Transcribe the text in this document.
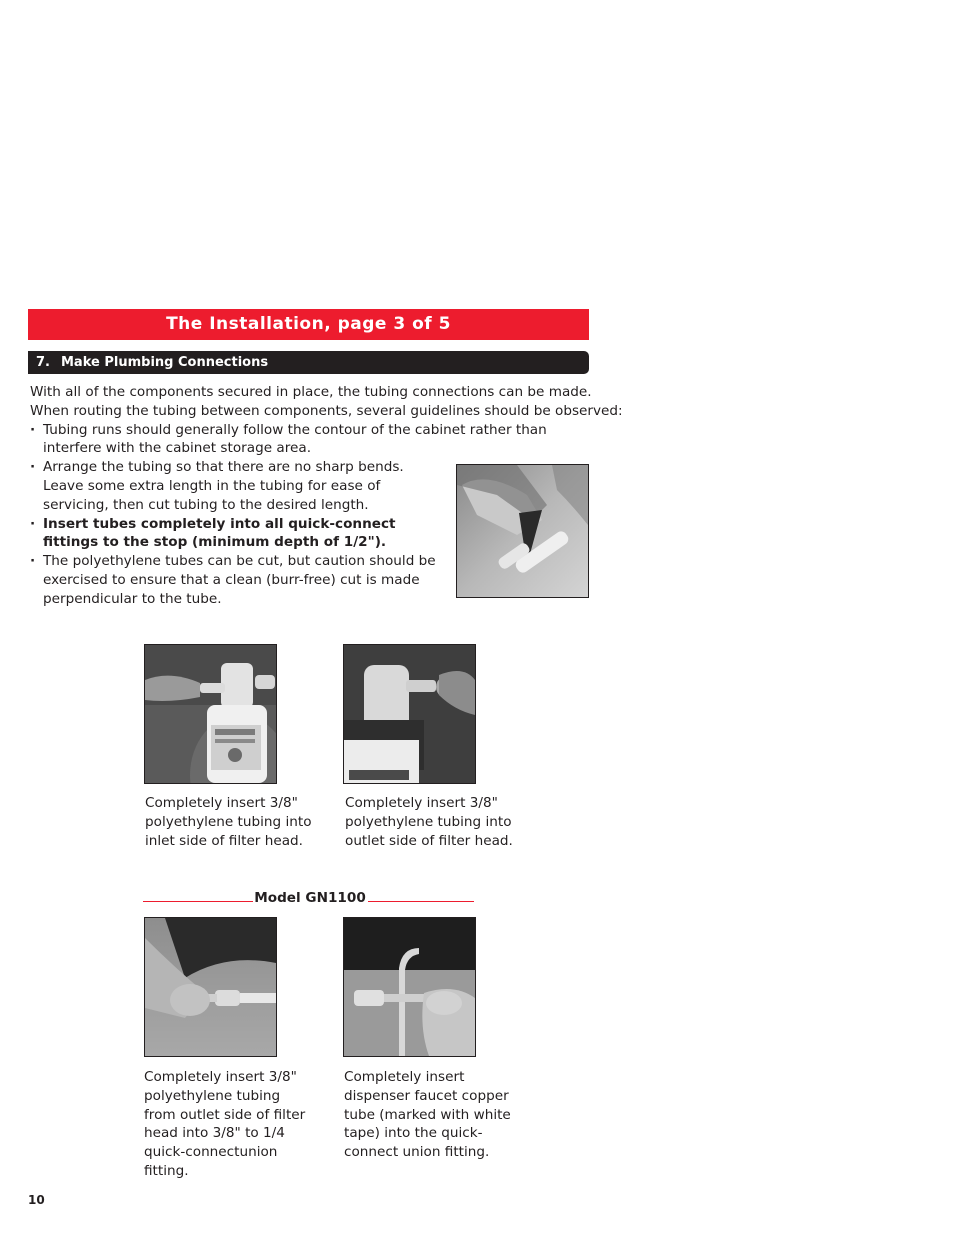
The Installation, page 3 of 5
7. Make Plumbing Connections

With all of the components secured in place, the tubing connections can be made.

When routing the tubing between components, several guidelines should be observed:

· Tubing runs should generally follow the contour of the cabinet rather than interfere with the cabinet storage area.
· Arrange the tubing so that there are no sharp bends. Leave some extra length in the tubing for ease of servicing, then cut tubing to the desired length.
· Insert tubes completely into all quick-connect fittings to the stop (minimum depth of 1/2").
· The polyethylene tubes can be cut, but caution should be exercised to ensure that a clean (burr-free) cut is made perpendicular to the tube.
Completely insert 3/8" polyethylene tubing into inlet side of filter head.
Completely insert 3/8" polyethylene tubing into outlet side of filter head.
Model GN1100
Completely insert 3/8" polyethylene tubing from outlet side of filter head into 3/8" to 1/4 quick-connectunion fitting.
Completely insert dispenser faucet copper tube (marked with white tape) into the quick-connect union fitting.
10
